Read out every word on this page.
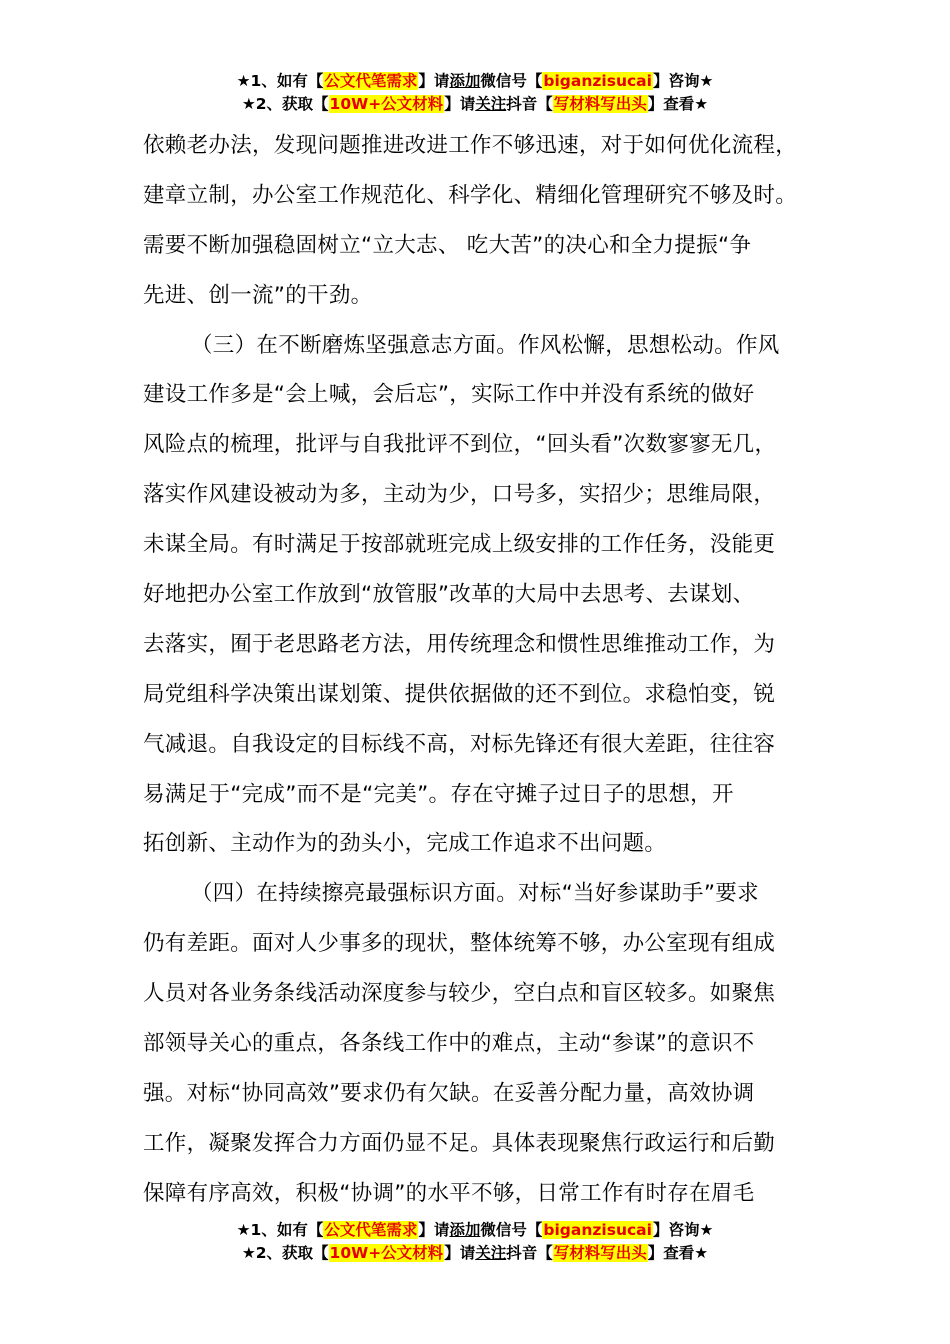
★1、如有【公文代笔需求】请添加微信号【biganzisucai】咨询★
★2、获取【10W+公文材料】请关注抖音【写材料写出头】查看★
依赖老办法，发现问题推进改进工作不够迅速，对于如何优化流程，
建章立制，办公室工作规范化、科学化、精细化管理研究不够及时。
需要不断加强稳固树立“立大志、 吃大苦”的决心和全力提振“争
先进、创一流”的干劲。
（三）在不断磨炼坚强意志方面。作风松懈，思想松动。作风
建设工作多是“会上喊，会后忘”，实际工作中并没有系统的做好
风险点的梳理，批评与自我批评不到位，“回头看”次数寥寥无几，
落实作风建设被动为多，主动为少，口号多，实招少；思维局限，
未谋全局。有时满足于按部就班完成上级安排的工作任务，没能更
好地把办公室工作放到“放管服”改革的大局中去思考、去谋划、
去落实，囿于老思路老方法，用传统理念和惯性思维推动工作，为
局党组科学决策出谋划策、提供依据做的还不到位。求稳怕变，锐
气减退。自我设定的目标线不高，对标先锋还有很大差距，往往容
易满足于“完成”而不是“完美”。存在守摊子过日子的思想，开
拓创新、主动作为的劲头小，完成工作追求不出问题。
（四）在持续擦亮最强标识方面。对标“当好参谋助手”要求
仍有差距。面对人少事多的现状，整体统筹不够，办公室现有组成
人员对各业务条线活动深度参与较少，空白点和盲区较多。如聚焦
部领导关心的重点，各条线工作中的难点，主动“参谋”的意识不
强。对标“协同高效”要求仍有欠缺。在妥善分配力量，高效协调
工作，凝聚发挥合力方面仍显不足。具体表现聚焦行政运行和后勤
保障有序高效，积极“协调”的水平不够，日常工作有时存在眉毛
★1、如有【公文代笔需求】请添加微信号【biganzisucai】咨询★
★2、获取【10W+公文材料】请关注抖音【写材料写出头】查看★
